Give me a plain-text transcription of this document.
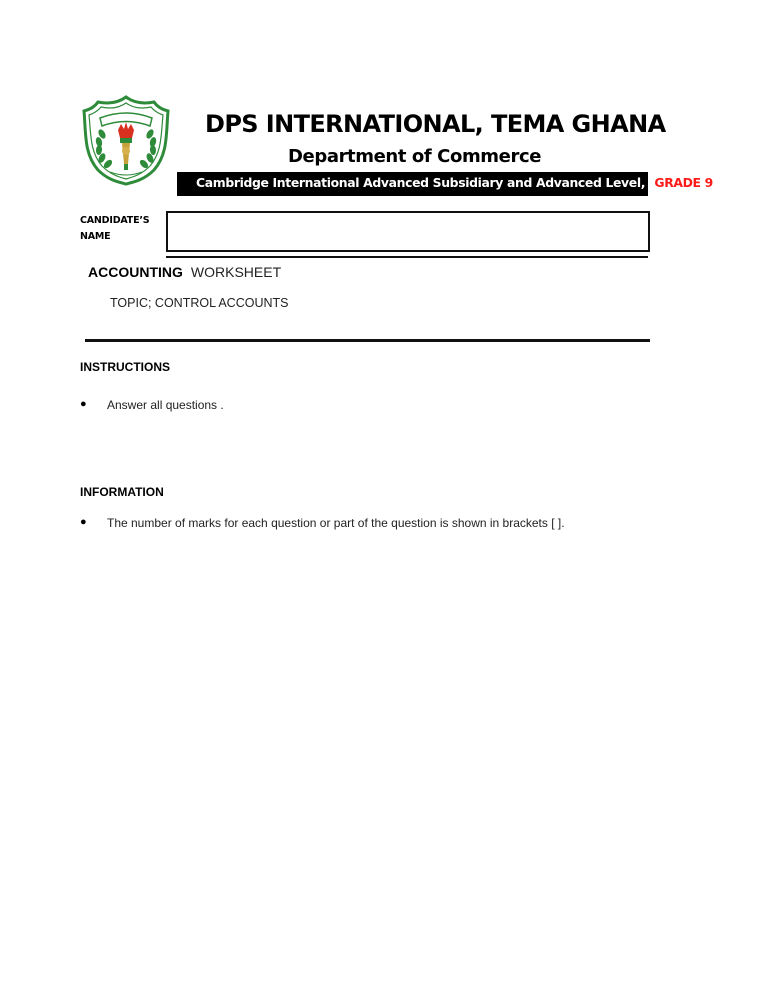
DPS INTERNATIONAL, TEMA GHANA
Department of Commerce
Cambridge International Advanced Subsidiary and Advanced Level, [GRADE 9
CANDIDATE’S
NAME
ACCOUNTING WORKSHEET
TOPIC; CONTROL ACCOUNTS
INSTRUCTIONS
● Answer all questions .
INFORMATION
● The number of marks for each question or part of the question is shown in brackets [ ].
